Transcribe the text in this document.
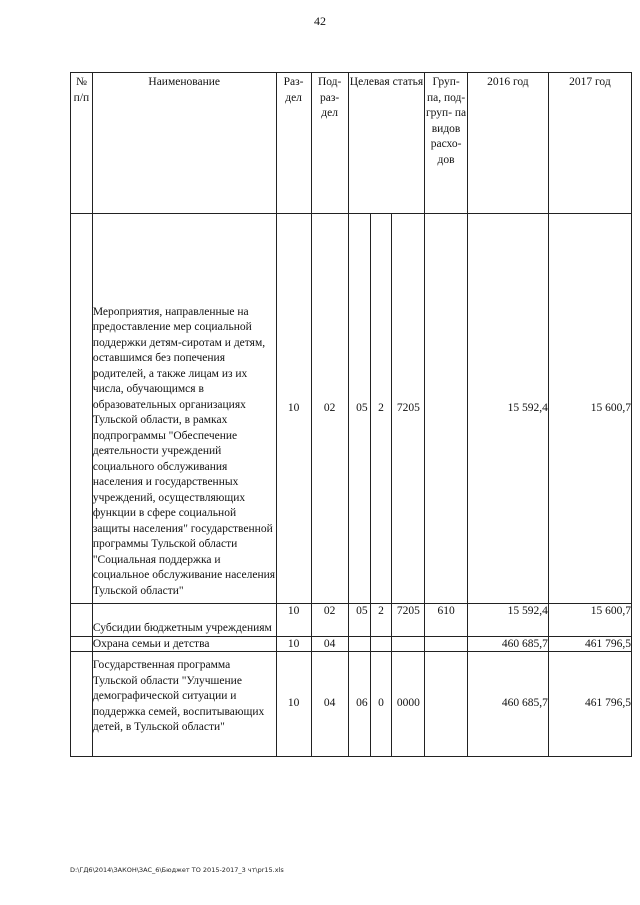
42
№ п/п	Наименование	Раз- дел	Под- раз- дел	Целевая статья			Груп- па, под- груп- па видов расхо- дов	2016 год	2017 год
	Мероприятия, направленные на предоставление мер социальной поддержки детям-сиротам и детям, оставшимся без попечения родителей, а также лицам из их числа, обучающимся в образовательных организациях Тульской области, в рамках подпрограммы "Обеспечение деятельности учреждений социального обслуживания населения и государственных учреждений, осуществляющих функции в сфере социальной защиты населения" государственной программы Тульской области "Социальная поддержка и социальное обслуживание населения Тульской области"	10	02	05	2	7205		15 592,4	15 600,7
	Субсидии бюджетным учреждениям	10	02	05	2	7205	610	15 592,4	15 600,7
	Охрана семьи и детства	10	04					460 685,7	461 796,5
	Государственная программа Тульской области "Улучшение демографической ситуации и поддержка семей, воспитывающих детей, в Тульской области"	10	04	06	0	0000		460 685,7	461 796,5
D:\ГД6\2014\ЗАКОН\ЗАС_6\Бюджет ТО 2015-2017_3 чт\pr15.xls
